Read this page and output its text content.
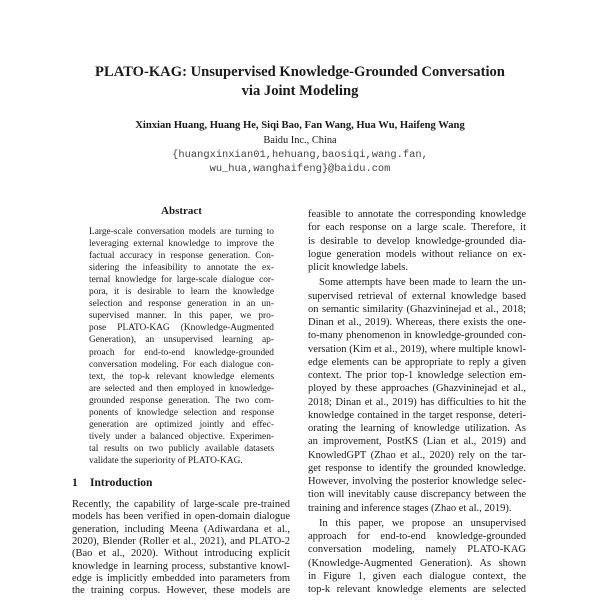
PLATO-KAG: Unsupervised Knowledge-Grounded Conversation
via Joint Modeling
Xinxian Huang, Huang He, Siqi Bao, Fan Wang, Hua Wu, Haifeng Wang
Baidu Inc., China
{huangxinxian01,hehuang,baosiqi,wang.fan,
wu_hua,wanghaifeng}@baidu.com
Abstract
Large-scale conversation models are turning to
leveraging external knowledge to improve the
factual accuracy in response generation. Con-
sidering the infeasibility to annotate the ex-
ternal knowledge for large-scale dialogue cor-
pora, it is desirable to learn the knowledge
selection and response generation in an un-
supervised manner. In this paper, we pro-
pose PLATO-KAG (Knowledge-Augmented
Generation), an unsupervised learning ap-
proach for end-to-end knowledge-grounded
conversation modeling. For each dialogue con-
text, the top-k relevant knowledge elements
are selected and then employed in knowledge-
grounded response generation. The two com-
ponents of knowledge selection and response
generation are optimized jointly and effec-
tively under a balanced objective. Experimen-
tal results on two publicly available datasets
validate the superiority of PLATO-KAG.
1 Introduction
Recently, the capability of large-scale pre-trained
models has been verified in open-domain dialogue
generation, including Meena (Adiwardana et al.,
2020), Blender (Roller et al., 2021), and PLATO-2
(Bao et al., 2020). Without introducing explicit
knowledge in learning process, substantive knowl-
edge is implicitly embedded into parameters from
the training corpus. However, these models are
feasible to annotate the corresponding knowledge
for each response on a large scale. Therefore, it
is desirable to develop knowledge-grounded dia-
logue generation models without reliance on ex-
plicit knowledge labels.
Some attempts have been made to learn the un-
supervised retrieval of external knowledge based
on semantic similarity (Ghazvininejad et al., 2018;
Dinan et al., 2019). Whereas, there exists the one-
to-many phenomenon in knowledge-grounded con-
versation (Kim et al., 2019), where multiple knowl-
edge elements can be appropriate to reply a given
context. The prior top-1 knowledge selection em-
ployed by these approaches (Ghazvininejad et al.,
2018; Dinan et al., 2019) has difficulties to hit the
knowledge contained in the target response, deteri-
orating the learning of knowledge utilization. As
an improvement, PostKS (Lian et al., 2019) and
KnowledGPT (Zhao et al., 2020) rely on the tar-
get response to identify the grounded knowledge.
However, involving the posterior knowledge selec-
tion will inevitably cause discrepancy between the
training and inference stages (Zhao et al., 2019).
In this paper, we propose an unsupervised
approach for end-to-end knowledge-grounded
conversation modeling, namely PLATO-KAG
(Knowledge-Augmented Generation). As shown
in Figure 1, given each dialogue context, the
top-k relevant knowledge elements are selected
